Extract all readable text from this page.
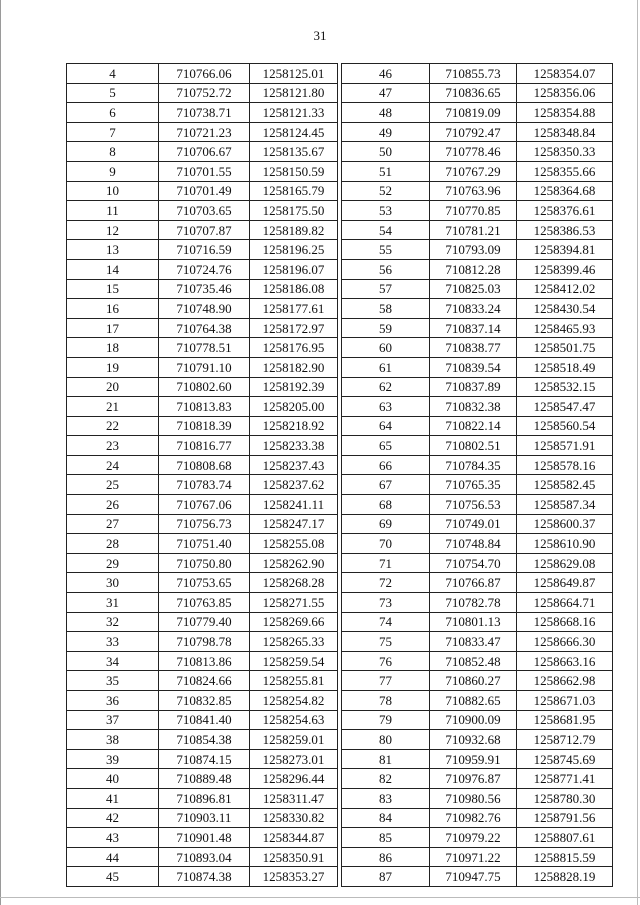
31
4	710766.06	1258125.01
5	710752.72	1258121.80
6	710738.71	1258121.33
7	710721.23	1258124.45
8	710706.67	1258135.67
9	710701.55	1258150.59
10	710701.49	1258165.79
11	710703.65	1258175.50
12	710707.87	1258189.82
13	710716.59	1258196.25
14	710724.76	1258196.07
15	710735.46	1258186.08
16	710748.90	1258177.61
17	710764.38	1258172.97
18	710778.51	1258176.95
19	710791.10	1258182.90
20	710802.60	1258192.39
21	710813.83	1258205.00
22	710818.39	1258218.92
23	710816.77	1258233.38
24	710808.68	1258237.43
25	710783.74	1258237.62
26	710767.06	1258241.11
27	710756.73	1258247.17
28	710751.40	1258255.08
29	710750.80	1258262.90
30	710753.65	1258268.28
31	710763.85	1258271.55
32	710779.40	1258269.66
33	710798.78	1258265.33
34	710813.86	1258259.54
35	710824.66	1258255.81
36	710832.85	1258254.82
37	710841.40	1258254.63
38	710854.38	1258259.01
39	710874.15	1258273.01
40	710889.48	1258296.44
41	710896.81	1258311.47
42	710903.11	1258330.82
43	710901.48	1258344.87
44	710893.04	1258350.91
45	710874.38	1258353.27
46	710855.73	1258354.07
47	710836.65	1258356.06
48	710819.09	1258354.88
49	710792.47	1258348.84
50	710778.46	1258350.33
51	710767.29	1258355.66
52	710763.96	1258364.68
53	710770.85	1258376.61
54	710781.21	1258386.53
55	710793.09	1258394.81
56	710812.28	1258399.46
57	710825.03	1258412.02
58	710833.24	1258430.54
59	710837.14	1258465.93
60	710838.77	1258501.75
61	710839.54	1258518.49
62	710837.89	1258532.15
63	710832.38	1258547.47
64	710822.14	1258560.54
65	710802.51	1258571.91
66	710784.35	1258578.16
67	710765.35	1258582.45
68	710756.53	1258587.34
69	710749.01	1258600.37
70	710748.84	1258610.90
71	710754.70	1258629.08
72	710766.87	1258649.87
73	710782.78	1258664.71
74	710801.13	1258668.16
75	710833.47	1258666.30
76	710852.48	1258663.16
77	710860.27	1258662.98
78	710882.65	1258671.03
79	710900.09	1258681.95
80	710932.68	1258712.79
81	710959.91	1258745.69
82	710976.87	1258771.41
83	710980.56	1258780.30
84	710982.76	1258791.56
85	710979.22	1258807.61
86	710971.22	1258815.59
87	710947.75	1258828.19
